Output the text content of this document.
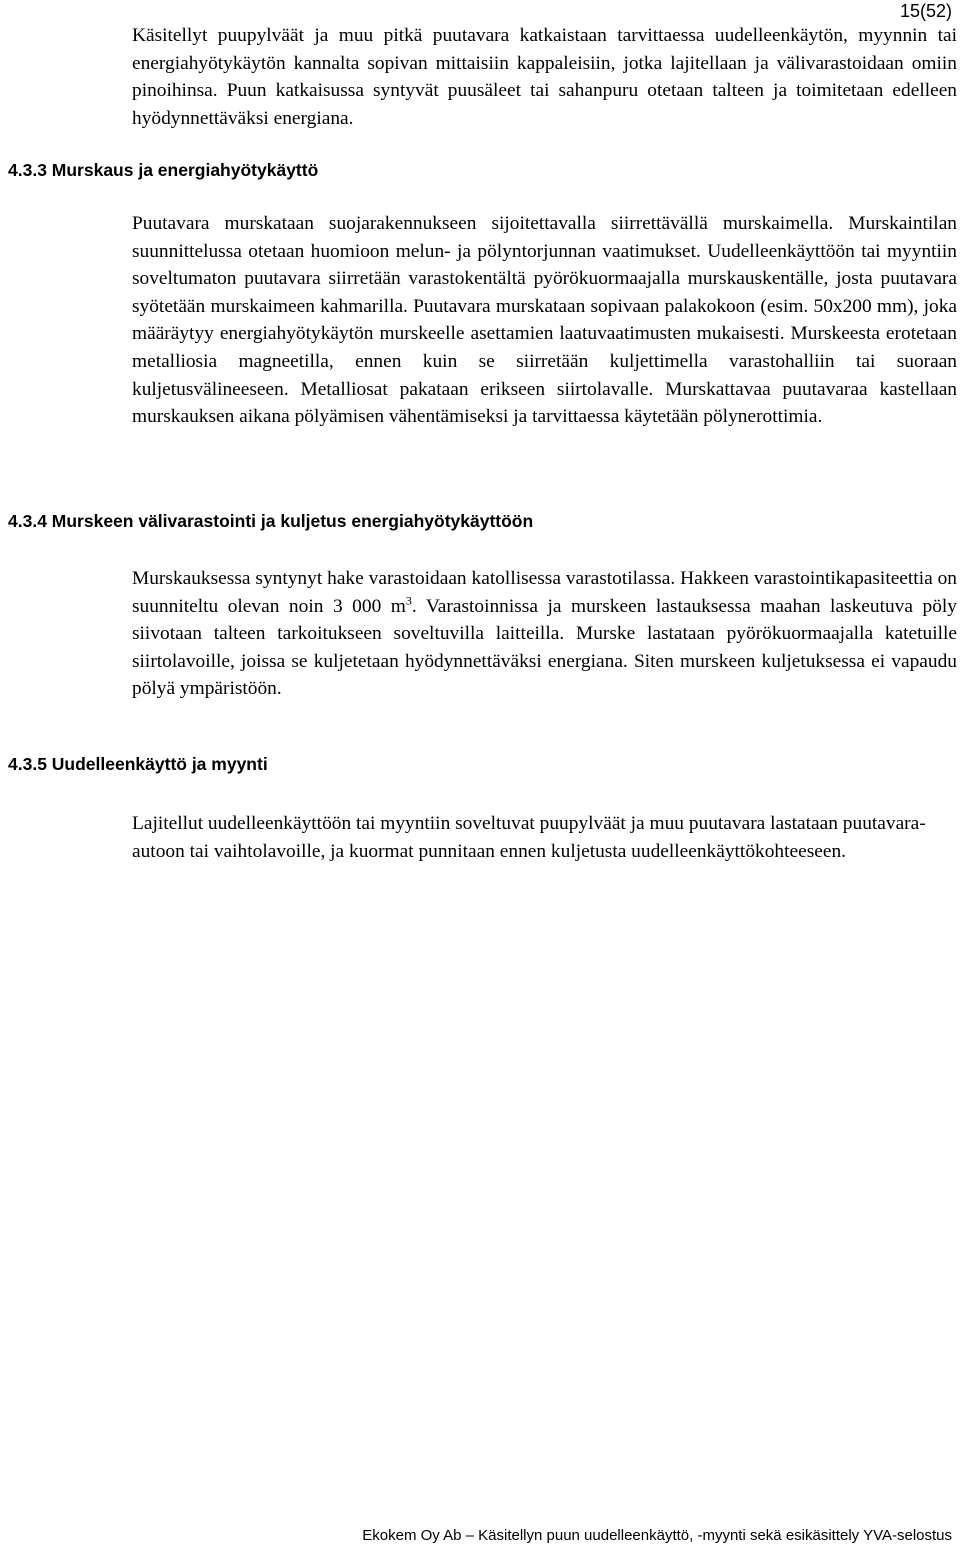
15(52)

Käsitellyt puupylväät ja muu pitkä puutavara katkaistaan tarvittaessa uudelleenkäytön, myynnin tai energiahyötykäytön kannalta sopivan mittaisiin kappaleisiin, jotka lajitellaan ja välivarastoidaan omiin pinoihinsa. Puun katkaisussa syntyvät puusäleet tai sahanpuru otetaan talteen ja toimitetaan edelleen hyödynnettäväksi energiana.

4.3.3 Murskaus ja energiahyötykäyttö

Puutavara murskataan suojarakennukseen sijoitettavalla siirrettävällä murskaimella. Murskaintilan suunnittelussa otetaan huomioon melun- ja pölyntorjunnan vaatimukset. Uudelleenkäyttöön tai myyntiin soveltumaton puutavara siirretään varastokentältä pyörökuormaajalla murskauskentälle, josta puutavara syötetään murskaimeen kahmarilla. Puutavara murskataan sopivaan palakokoon (esim. 50x200 mm), joka määräytyy energiahyötykäytön murskeelle asettamien laatuvaatimusten mukaisesti. Murskeesta erotetaan metalliosia magneetilla, ennen kuin se siirretään kuljettimella varastohalliin tai suoraan kuljetusvälineeseen. Metalliosat pakataan erikseen siirtolavalle. Murskattavaa puutavaraa kastellaan murskauksen aikana pölyämisen vähentämiseksi ja tarvittaessa käytetään pölynerottimia.

4.3.4 Murskeen välivarastointi ja kuljetus energiahyötykäyttöön

Murskauksessa syntynyt hake varastoidaan katollisessa varastotilassa. Hakkeen varastointikapasiteettia on suunniteltu olevan noin 3 000 $m^3$. Varastoinnissa ja murskeen lastauksessa maahan laskeutuva pöly siivotaan talteen tarkoitukseen soveltuvilla laitteilla. Murske lastataan pyörökuormaajalla katetuille siirtolavoille, joissa se kuljetetaan hyödynnettäväksi energiana. Siten murskeen kuljetuksessa ei vapaudu pölyä ympäristöön.

4.3.5 Uudelleenkäyttö ja myynti

Lajitellut uudelleenkäyttöön tai myyntiin soveltuvat puupylväät ja muu puutavara lastataan puutavara-autoon tai vaihtolavoille, ja kuormat punnitaan ennen kuljetusta uudelleenkäyttökohteeseen.

Ekokem Oy Ab – Käsitellyn puun uudelleenkäyttö, -myynti sekä esikäsittely YVA-selostus
